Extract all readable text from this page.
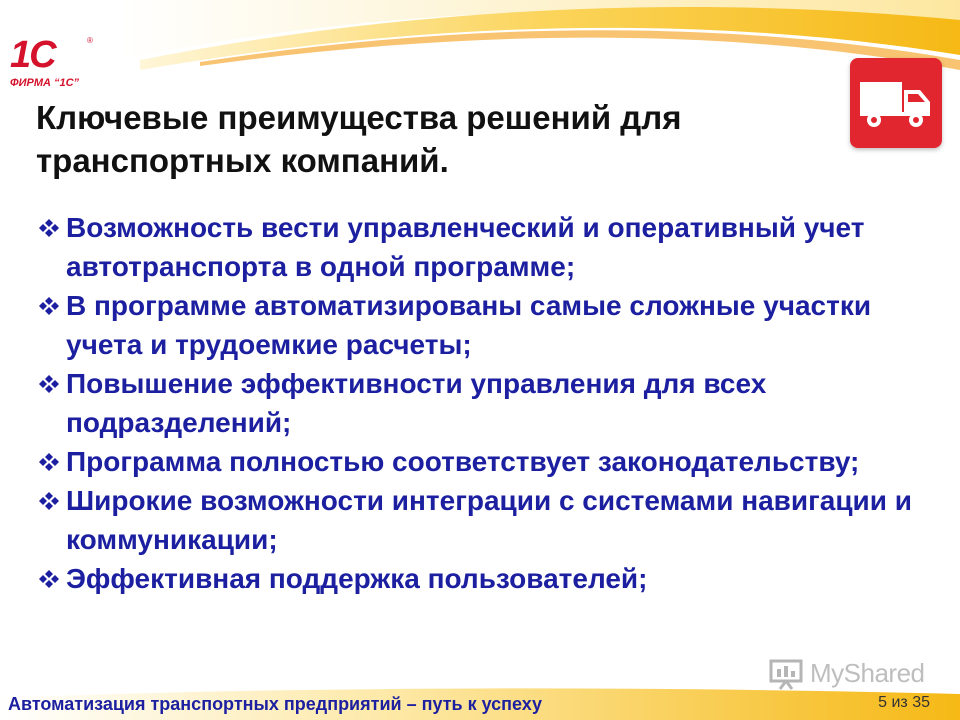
1C	®
ФИРМА “1С”
Ключевые преимущества решений для транспортных компаний.
Возможность вести управленческий и оперативный учет автотранспорта в одной программе;
В программе автоматизированы самые сложные участки учета и трудоемкие расчеты;
Повышение эффективности управления для всех подразделений;
Программа полностью соответствует законодательству;
Широкие возможности интеграции с системами навигации и коммуникации;
Эффективная поддержка пользователей;
MyShared
Автоматизация транспортных предприятий – путь к успеху	5 из 35
